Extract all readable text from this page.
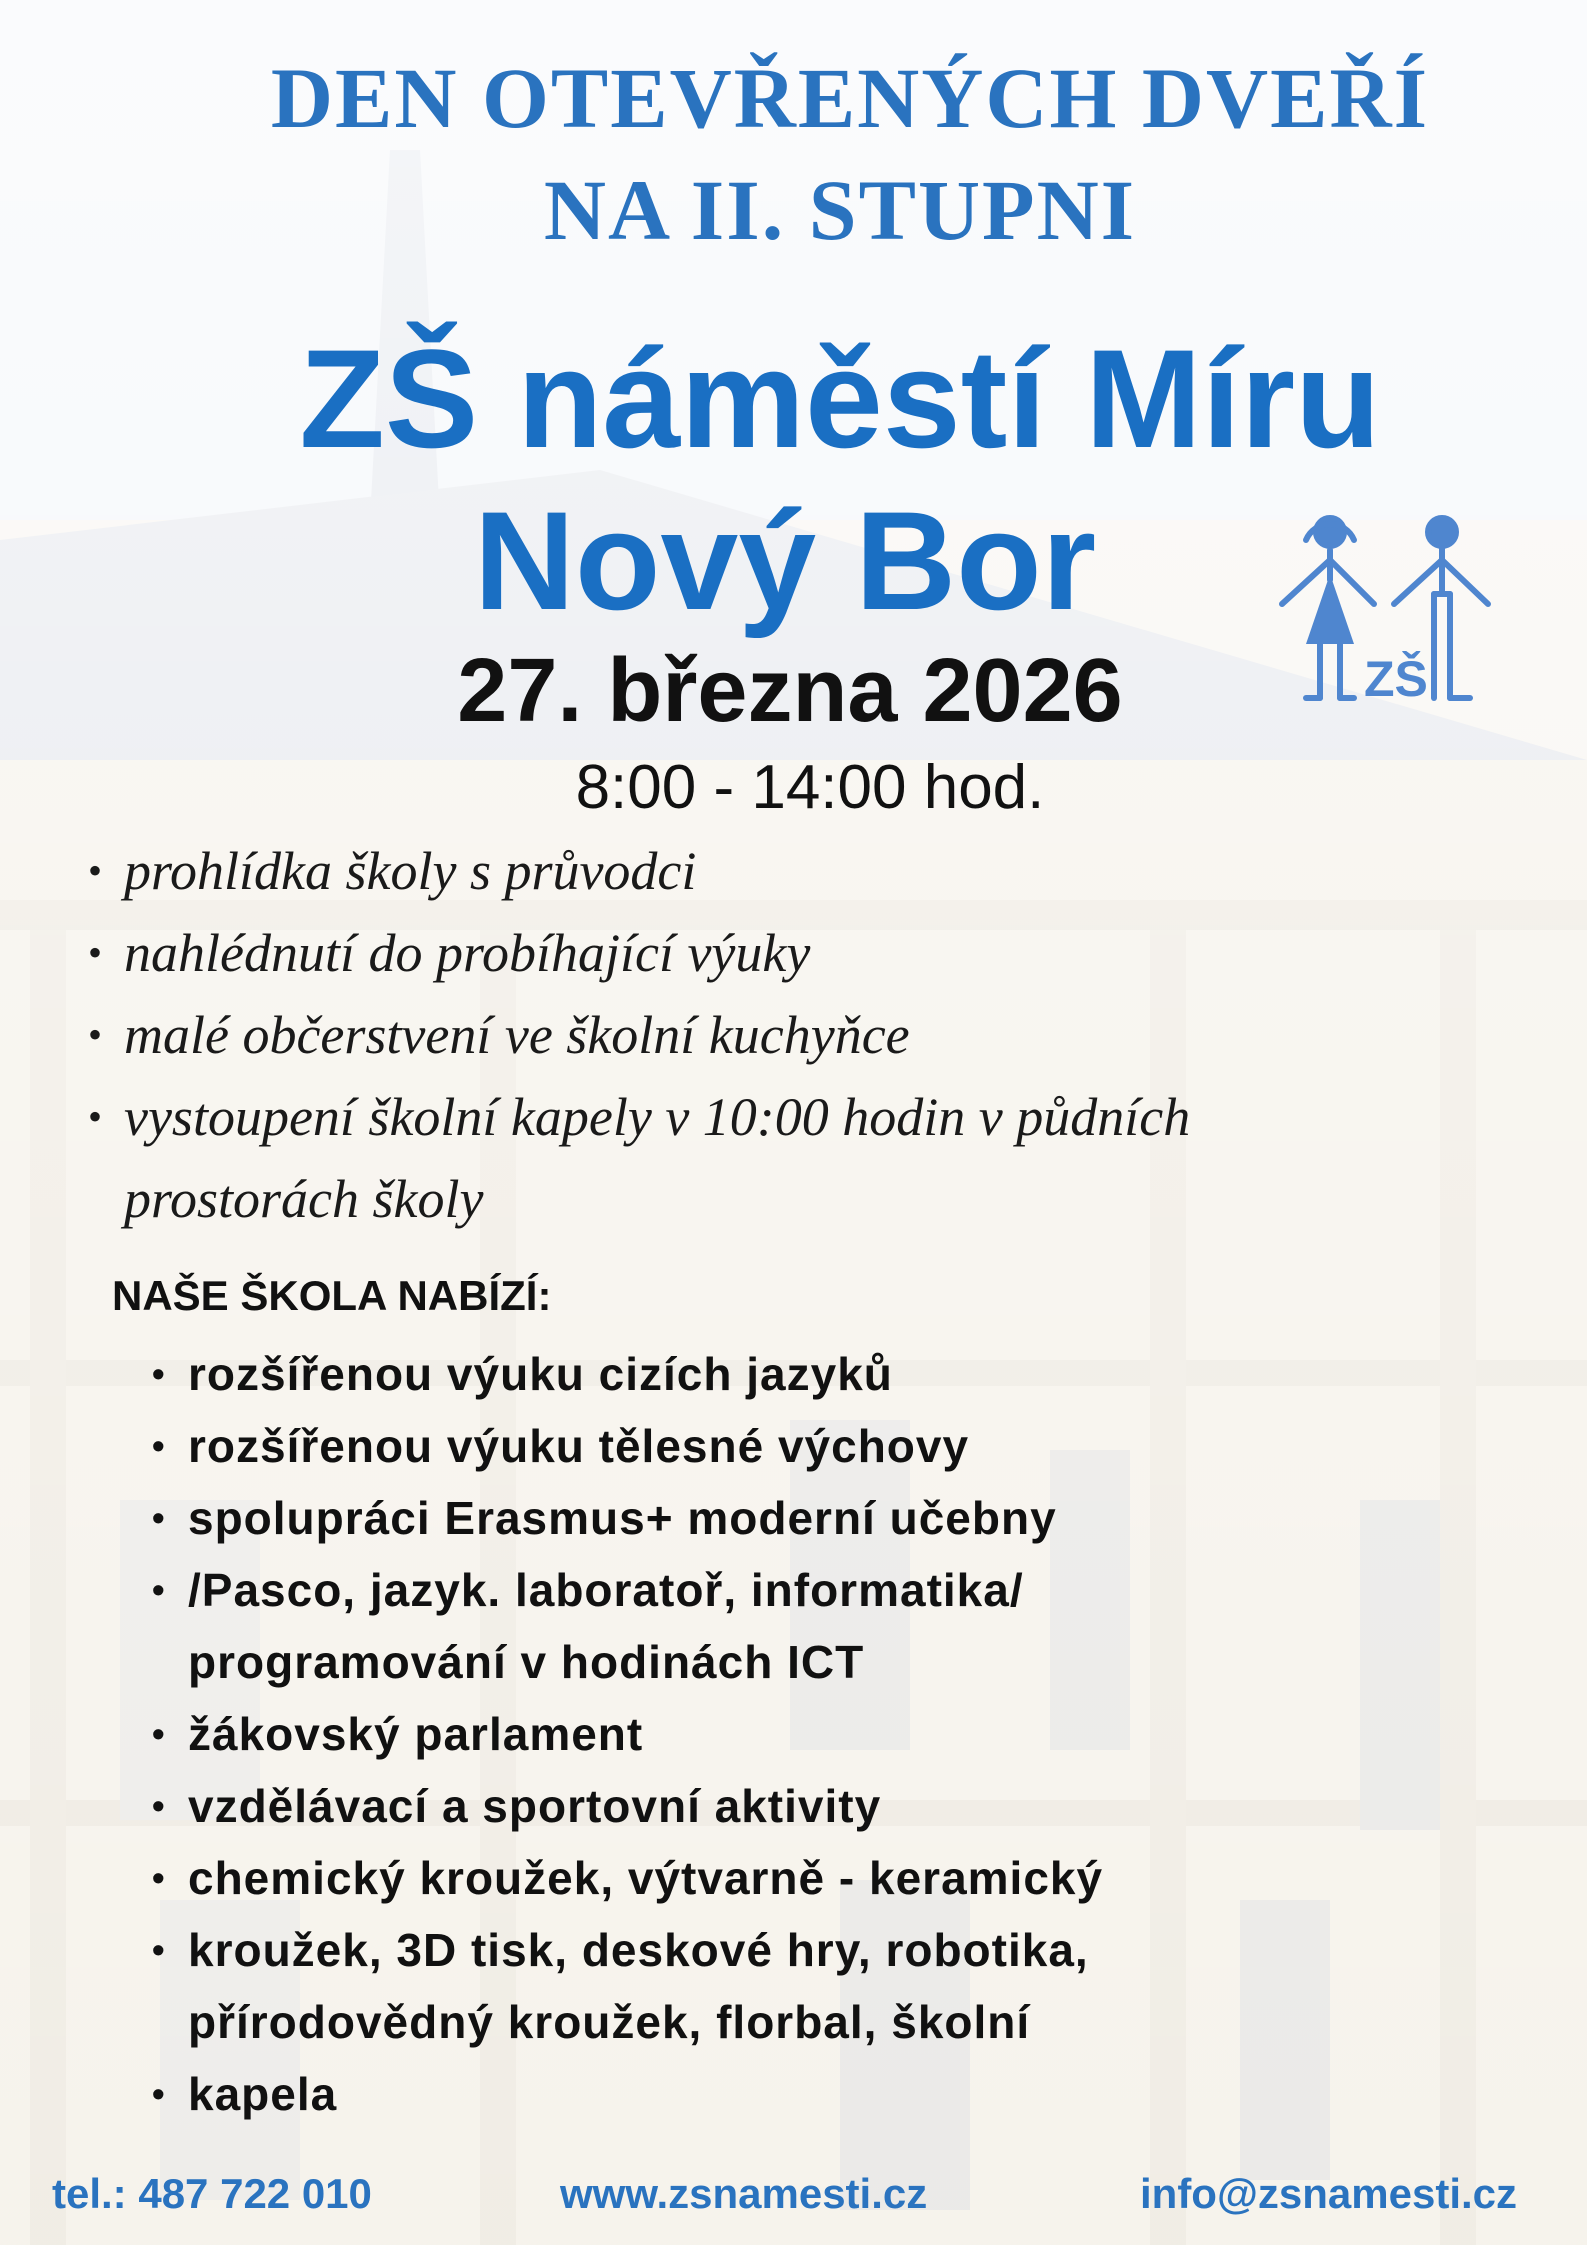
DEN OTEVŘENÝCH DVEŘÍ
NA II. STUPNI
ZŠ náměstí Míru
Nový Bor
27. března 2026
8:00 - 14:00 hod.
ZŠ
• prohlídka školy s průvodci
• nahlédnutí do probíhající výuky
• malé občerstvení ve školní kuchyňce
• vystoupení školní kapely v 10:00 hodin v půdních
prostorách školy
NAŠE ŠKOLA NABÍZÍ:
• rozšířenou výuku cizích jazyků
• rozšířenou výuku tělesné výchovy
• spolupráci Erasmus+ moderní učebny
• /Pasco, jazyk. laboratoř, informatika/
programování v hodinách ICT
• žákovský parlament
• vzdělávací a sportovní aktivity
• chemický kroužek, výtvarně - keramický
• kroužek, 3D tisk, deskové hry, robotika,
přírodovědný kroužek, florbal, školní
• kapela
tel.: 487 722 010	www.zsnamesti.cz	info@zsnamesti.cz
